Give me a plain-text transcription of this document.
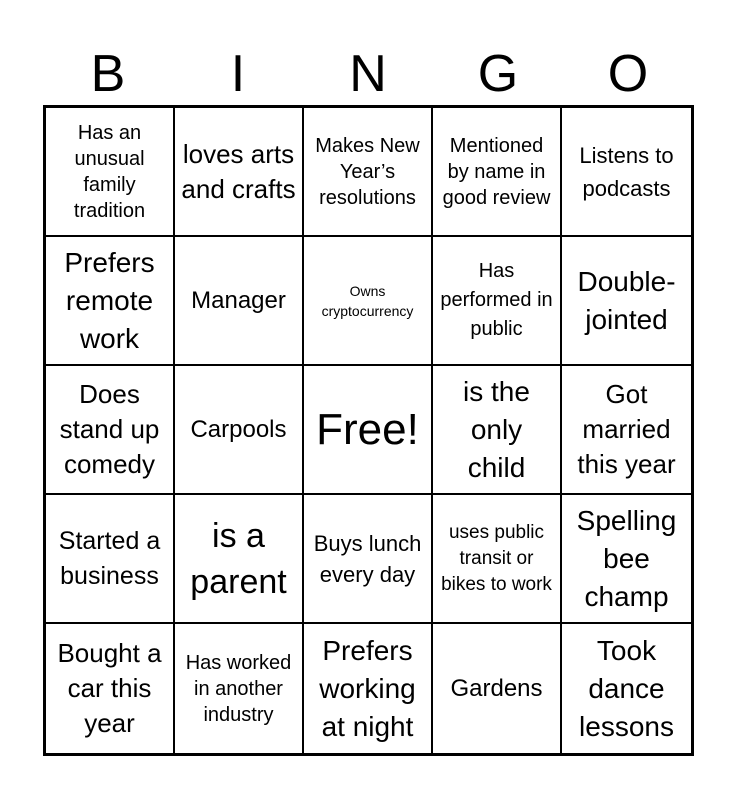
B	I	N	G	O
Has an unusual family tradition
loves arts and crafts
Makes New Year’s resolutions
Mentioned by name in good review
Listens to podcasts
Prefers remote work
Manager	Owns cryptocurrency
Has performed in public
Double-jointed
Does stand up comedy
Carpools Free!
is the only child
Got married this year
Started a business
is a parent
Buys lunch every day
uses public transit or bikes to work
Spelling bee champ
Bought a car this year
Has worked in another industry
Prefers working at night
Gardens
Took dance lessons
